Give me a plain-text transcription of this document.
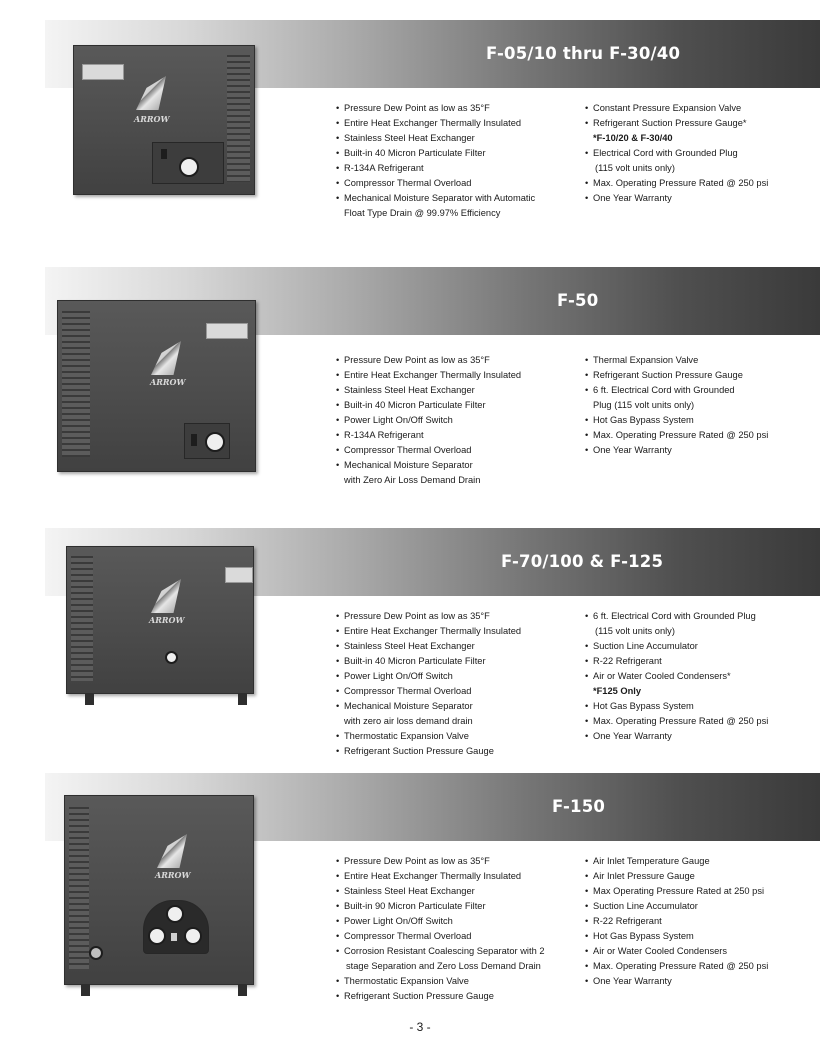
F-05/10 thru F-30/40
ARROW
• Pressure Dew Point as low as 35°F
• Entire Heat Exchanger Thermally Insulated
• Stainless Steel Heat Exchanger
• Built-in 40 Micron Particulate Filter
• R-134A Refrigerant
• Compressor Thermal Overload
• Mechanical Moisture Separator with Automatic
Float Type Drain @ 99.97% Efficiency
• Constant Pressure Expansion Valve
• Refrigerant Suction Pressure Gauge*
*F-10/20 & F-30/40
• Electrical Cord with Grounded Plug
(115 volt units only)
• Max. Operating Pressure Rated @ 250 psi
• One Year Warranty
F-50
ARROW
• Pressure Dew Point as low as 35°F
• Entire Heat Exchanger Thermally Insulated
• Stainless Steel Heat Exchanger
• Built-in 40 Micron Particulate Filter
• Power Light On/Off Switch
• R-134A Refrigerant
• Compressor Thermal Overload
• Mechanical Moisture Separator
with Zero Air Loss Demand Drain
• Thermal Expansion Valve
• Refrigerant Suction Pressure Gauge
• 6 ft. Electrical Cord with Grounded
Plug (115 volt units only)
• Hot Gas Bypass System
• Max. Operating Pressure Rated @ 250 psi
• One Year Warranty
F-70/100 & F-125
ARROW
•	Pressure Dew Point as low as 35°F
• Entire Heat Exchanger Thermally Insulated
• Stainless Steel Heat Exchanger
• Built-in 40 Micron Particulate Filter
• Power Light On/Off Switch
• Compressor Thermal Overload
• Mechanical Moisture Separator
with zero air loss demand drain
• Thermostatic Expansion Valve
• Refrigerant Suction Pressure Gauge
• 6 ft. Electrical Cord with Grounded Plug
(115 volt units only)
• Suction Line Accumulator
• R-22 Refrigerant
• Air or Water Cooled Condensers*
*F125 Only
• Hot Gas Bypass System
• Max. Operating Pressure Rated @ 250 psi
• One Year Warranty
F-150
ARROW
• Pressure Dew Point as low as 35°F
• Entire Heat Exchanger Thermally Insulated
• Stainless Steel Heat Exchanger
• Built-in 90 Micron Particulate Filter
• Power Light On/Off Switch
• Compressor Thermal Overload
• Corrosion Resistant Coalescing Separator with 2
stage Separation and Zero Loss Demand Drain
• Thermostatic Expansion Valve
• Refrigerant Suction Pressure Gauge
• Air Inlet Temperature Gauge
• Air Inlet Pressure Gauge
• Max Operating Pressure Rated at 250 psi
• Suction Line Accumulator
• R-22 Refrigerant
• Hot Gas Bypass System
• Air or Water Cooled Condensers
• Max. Operating Pressure Rated @ 250 psi
• One Year Warranty
- 3 -
